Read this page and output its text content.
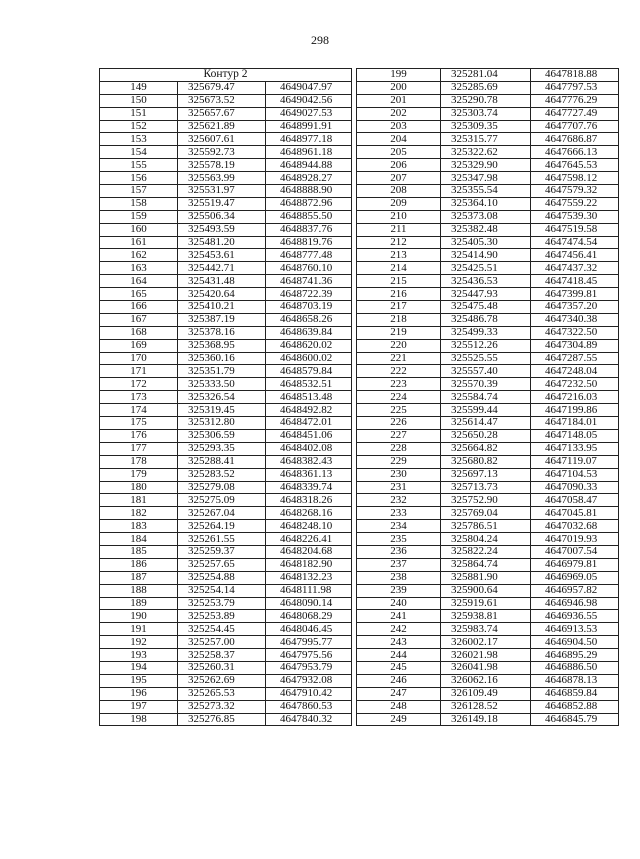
298
Контур 2		
149	325679.47	4649047.97
150	325673.52	4649042.56
151	325657.67	4649027.53
152	325621.89	4648991.91
153	325607.61	4648977.18
154	325592.73	4648961.18
155	325578.19	4648944.88
156	325563.99	4648928.27
157	325531.97	4648888.90
158	325519.47	4648872.96
159	325506.34	4648855.50
160	325493.59	4648837.76
161	325481.20	4648819.76
162	325453.61	4648777.48
163	325442.71	4648760.10
164	325431.48	4648741.36
165	325420.64	4648722.39
166	325410.21	4648703.19
167	325387.19	4648658.26
168	325378.16	4648639.84
169	325368.95	4648620.02
170	325360.16	4648600.02
171	325351.79	4648579.84
172	325333.50	4648532.51
173	325326.54	4648513.48
174	325319.45	4648492.82
175	325312.80	4648472.01
176	325306.59	4648451.06
177	325293.35	4648402.08
178	325288.41	4648382.43
179	325283.52	4648361.13
180	325279.08	4648339.74
181	325275.09	4648318.26
182	325267.04	4648268.16
183	325264.19	4648248.10
184	325261.55	4648226.41
185	325259.37	4648204.68
186	325257.65	4648182.90
187	325254.88	4648132.23
188	325254.14	4648111.98
189	325253.79	4648090.14
190	325253.89	4648068.29
191	325254.45	4648046.45
192	325257.00	4647995.77
193	325258.37	4647975.56
194	325260.31	4647953.79
195	325262.69	4647932.08
196	325265.53	4647910.42
197	325273.32	4647860.53
198	325276.85	4647840.32
199	325281.04	4647818.88
200	325285.69	4647797.53
201	325290.78	4647776.29
202	325303.74	4647727.49
203	325309.35	4647707.76
204	325315.77	4647686.87
205	325322.62	4647666.13
206	325329.90	4647645.53
207	325347.98	4647598.12
208	325355.54	4647579.32
209	325364.10	4647559.22
210	325373.08	4647539.30
211	325382.48	4647519.58
212	325405.30	4647474.54
213	325414.90	4647456.41
214	325425.51	4647437.32
215	325436.53	4647418.45
216	325447.93	4647399.81
217	325475.48	4647357.20
218	325486.78	4647340.38
219	325499.33	4647322.50
220	325512.26	4647304.89
221	325525.55	4647287.55
222	325557.40	4647248.04
223	325570.39	4647232.50
224	325584.74	4647216.03
225	325599.44	4647199.86
226	325614.47	4647184.01
227	325650.28	4647148.05
228	325664.82	4647133.95
229	325680.82	4647119.07
230	325697.13	4647104.53
231	325713.73	4647090.33
232	325752.90	4647058.47
233	325769.04	4647045.81
234	325786.51	4647032.68
235	325804.24	4647019.93
236	325822.24	4647007.54
237	325864.74	4646979.81
238	325881.90	4646969.05
239	325900.64	4646957.82
240	325919.61	4646946.98
241	325938.81	4646936.55
242	325983.74	4646913.53
243	326002.17	4646904.50
244	326021.98	4646895.29
245	326041.98	4646886.50
246	326062.16	4646878.13
247	326109.49	4646859.84
248	326128.52	4646852.88
249	326149.18	4646845.79
